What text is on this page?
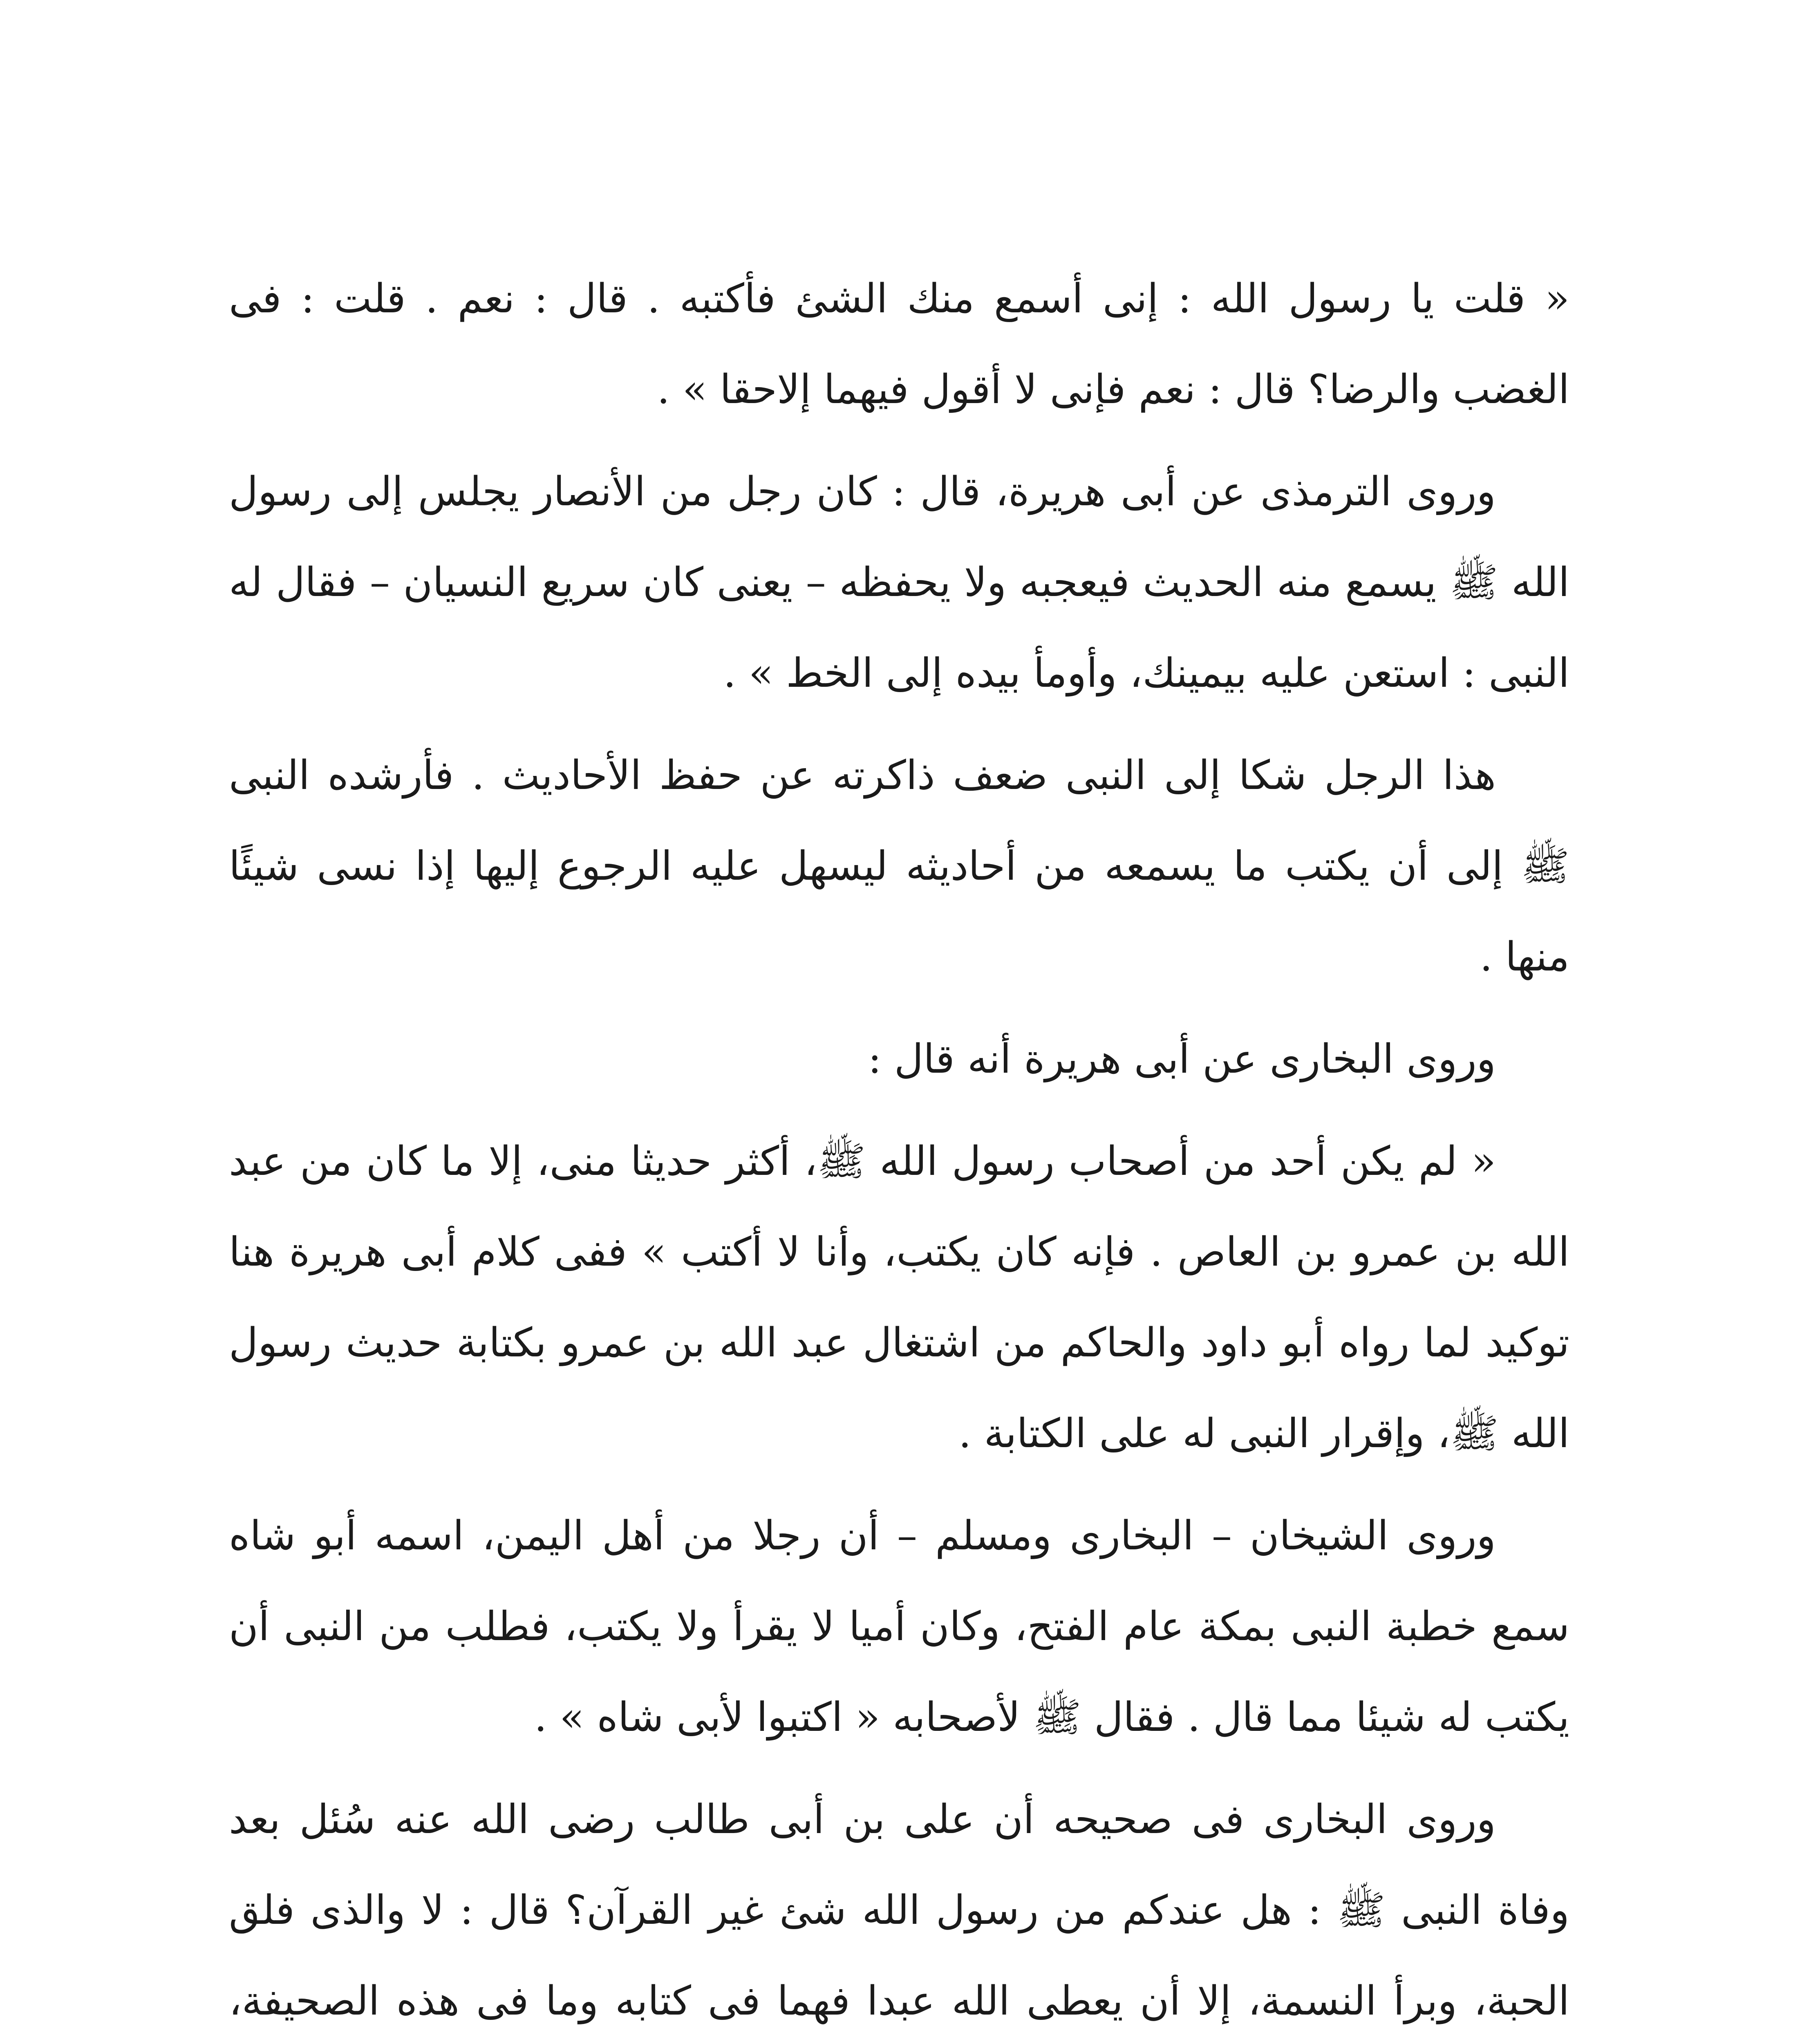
« قلت يا رسول الله : إنى أسمع منك الشئ فأكتبه . قال : نعم . قلت : فى الغضب والرضا؟ قال : نعم فإنى لا أقول فيهما إلاحقا » .

وروى الترمذى عن أبى هريرة، قال : كان رجل من الأنصار يجلس إلى رسول الله ﷺ يسمع منه الحديث فيعجبه ولا يحفظه – يعنى كان سريع النسيان – فقال له النبى : استعن عليه بيمينك، وأومأ بيده إلى الخط » .

هذا الرجل شكا إلى النبى ضعف ذاكرته عن حفظ الأحاديث . فأرشده النبى ﷺ إلى أن يكتب ما يسمعه من أحاديثه ليسهل عليه الرجوع إليها إذا نسى شيئًا منها .

وروى البخارى عن أبى هريرة أنه قال :

« لم يكن أحد من أصحاب رسول الله ﷺ، أكثر حديثا منى، إلا ما كان من عبد الله بن عمرو بن العاص . فإنه كان يكتب، وأنا لا أكتب » ففى كلام أبى هريرة هنا توكيد لما رواه أبو داود والحاكم من اشتغال عبد الله بن عمرو بكتابة حديث رسول الله ﷺ، وإقرار النبى له على الكتابة .

وروى الشيخان – البخارى ومسلم – أن رجلا من أهل اليمن، اسمه أبو شاه سمع خطبة النبى بمكة عام الفتح، وكان أميا لا يقرأ ولا يكتب، فطلب من النبى أن يكتب له شيئا مما قال . فقال ﷺ لأصحابه « اكتبوا لأبى شاه » .

وروى البخارى فى صحيحه أن على بن أبى طالب رضى الله عنه سُئل بعد وفاة النبى ﷺ : هل عندكم من رسول الله شئ غير القرآن؟ قال : لا والذى فلق الحبة، وبرأ النسمة، إلا أن يعطى الله عبدا فهما فى كتابه وما فى هذه الصحيفة،
